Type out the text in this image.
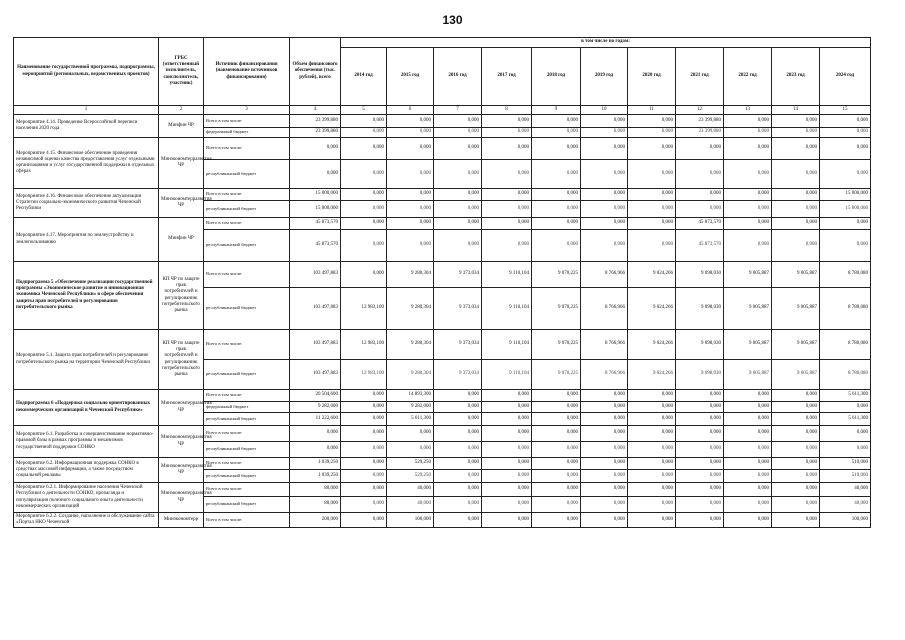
130
Наименование государственной программы, подпрограммы, мероприятий (региональных, ведомственных проектов)	ГРБС (ответственный исполнитель, соисполнитель, участник)	Источник финансирования (наименование источников финансирования)	Объем финансового обеспечения (тыс. рублей), всего	в том числе по годам:										
				2014 год	2015 год	2016 год	2017 год	2018 год	2019 год	2020 год	2021 год	2022 год	2023 год	2024 год
1	2	3	4	5	6	7	8	9	10	11	12	13	14	15
Мероприятие 4.14. Проведение Всероссийской переписи населения 2020 года	Минфин ЧР	Всего в том числе:	23 399,880	0,000	0,000	0,000	0,000	0,000	0,000	0,000	23 399,880	0,000	0,000	0,000
		федеральный бюджет	23 399,880	0,000	0,000	0,000	0,000	0,000	0,000	0,000	23 399,880	0,000	0,000	0,000
Мероприятие 4.15. Финансовое обеспечение проведения независимой оценки качества предоставления услуг отдельными организациями и услуг государственной поддержки в отдельных сферах	Минэкономтерразвития ЧР	Всего в том числе:	0,000	0,000	0,000	0,000	0,000	0,000	0,000	0,000	0,000	0,000	0,000	0,000
		республиканский бюджет	0,000	0,000	0,000	0,000	0,000	0,000	0,000	0,000	0,000	0,000	0,000	0,000
Мероприятие 4.16. Финансовое обеспечение актуализации Стратегии социально-экономического развития Чеченской Республики	Минэкономтерразвития ЧР	Всего в том числе:	15 000,000	0,000	0,000	0,000	0,000	0,000	0,000	0,000	0,000	0,000	0,000	15 000,000
		республиканский бюджет	15 000,000	0,000	0,000	0,000	0,000	0,000	0,000	0,000	0,000	0,000	0,000	15 000,000
Мероприятие 4.17. Мероприятия по землеустройству и землепользованию	Минфин ЧР	Всего в том числе:	45 873,570	0,000	0,000	0,000	0,000	0,000	0,000	0,000	45 873,570	0,000	0,000	0,000
		республиканский бюджет	45 873,570	0,000	0,000	0,000	0,000	0,000	0,000	0,000	45 873,570	0,000	0,000	0,000
Подпрограмма 5 «Обеспечение реализации государственной программы «Экономическое развитие и инновационная экономика Чеченской Республики» в сфере обеспечения защиты прав потребителей и регулирования потребительского рынка	КП ЧР по защите прав потребителей и регулированию потребительского рынка	Всего в том числе:	103 497,883	0,000	9 280,304	9 373,034	9 110,104	9 070,225	8 766,966	9 024,266	9 098,030	9 005,887	9 005,887	8 780,080
		республиканский бюджет	103 497,883	12 983,100	9 280,304	9 373,034	9 110,104	9 070,225	8 766,966	9 024,266	9 098,030	9 005,887	9 005,887	8 780,080
Мероприятие 5.1. Защита прав потребителей и регулирование потребительского рынка на территории Чеченской Республики	КП ЧР по защите прав потребителей и регулированию потребительского рынка	Всего в том числе:	103 497,883	12 983,100	9 280,304	9 373,034	9 110,104	9 070,225	8 766,966	9 024,266	9 098,030	9 005,887	9 005,887	8 780,080
		республиканский бюджет	103 497,883	12 983,100	9 280,304	9 373,034	9 110,104	9 070,225	8 766,966	9 024,266	9 098,030	9 005,887	9 005,887	8 780,080
Подпрограмма 6 «Поддержка социально ориентированных некоммерческих организаций в Чеченской Республике»	Минэкономтерразвития ЧР	Всего в том числе:	20 504,600	0,000	14 893,300	0,000	0,000	0,000	0,000	0,000	0,000	0,000	0,000	5 611,300
		федеральный бюджет	9 282,000	0,000	9 282,000	0,000	0,000	0,000	0,000	0,000	0,000	0,000	0,000	0,000
		республиканский бюджет	11 222,600	0,000	5 611,300	0,000	0,000	0,000	0,000	0,000	0,000	0,000	0,000	5 611,300
Мероприятие 6.1. Разработка и совершенствование нормативно-правовой базы в рамках программы и механизмов государственной поддержки СОНКО	Минэкономтерразвития ЧР	Всего в том числе:	0,000	0,000	0,000	0,000	0,000	0,000	0,000	0,000	0,000	0,000	0,000	0,000
		республиканский бюджет	0,000	0,000	0,000	0,000	0,000	0,000	0,000	0,000	0,000	0,000	0,000	0,000
Мероприятие 6.2. Информационная поддержка СОНКО в средствах массовой информации, а также посредством социальной рекламы	Минэкономтерразвития ЧР	Всего в том числе:	1 039,250	0,000	529,250	0,000	0,000	0,000	0,000	0,000	0,000	0,000	0,000	510,000
		республиканский бюджет	1 039,250	0,000	529,250	0,000	0,000	0,000	0,000	0,000	0,000	0,000	0,000	510,000
Мероприятие 6.2.1. Информирование населения Чеченской Республики о деятельности СОНКО, пропаганда и популяризация полезного социального опыта деятельности некоммерческих организаций	Минэкономтерразвития ЧР	Всего в том числе:	80,000	0,000	40,000	0,000	0,000	0,000	0,000	0,000	0,000	0,000	0,000	40,000
		республиканский бюджет	80,000	0,000	40,000	0,000	0,000	0,000	0,000	0,000	0,000	0,000	0,000	40,000
Мероприятие 6.2.2. Создание, наполнение и обслуживание сайта «Портал НКО Чеченской	Минэкономтерр	Всего в том числе:	200,000	0,000	100,000	0,000	0,000	0,000	0,000	0,000	0,000	0,000	0,000	100,000
